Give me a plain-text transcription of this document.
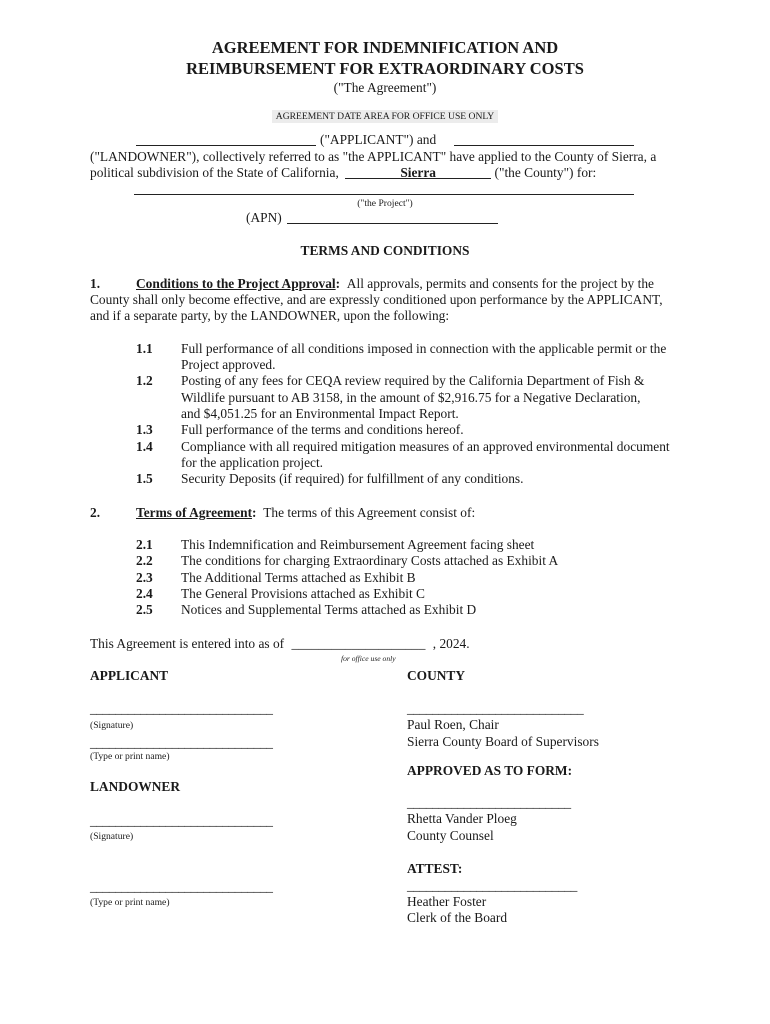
AGREEMENT FOR INDEMNIFICATION AND
REIMBURSEMENT FOR EXTRAORDINARY COSTS
("The Agreement")
AGREEMENT DATE AREA FOR OFFICE USE ONLY
("APPLICANT") and
("LANDOWNER"), collectively referred to as "the APPLICANT" have applied to the County of Sierra, a
political subdivision of the State of California,	Sierra	("the County") for:
("the Project")
(APN)
TERMS AND CONDITIONS
1.	Conditions to the Project Approval: All approvals, permits and consents for the project by the
County shall only become effective, and are expressly conditioned upon performance by the APPLICANT,
and if a separate party, by the LANDOWNER, upon the following:
1.1 Full performance of all conditions imposed in connection with the applicable permit or the
Project approved.
1.2 Posting of any fees for CEQA review required by the California Department of Fish &
Wildlife pursuant to AB 3158, in the amount of $2,916.75 for a Negative Declaration,
and $4,051.25 for an Environmental Impact Report.
1.3 Full performance of the terms and conditions hereof.
1.4 Compliance with all required mitigation measures of an approved environmental document
for the application project.
1.5 Security Deposits (if required) for fulfillment of any conditions.
2.	Terms of Agreement: The terms of this Agreement consist of:
2.1 This Indemnification and Reimbursement Agreement facing sheet
2.2 The conditions for charging Extraordinary Costs attached as Exhibit A
2.3 The Additional Terms attached as Exhibit B
2.4 The General Provisions attached as Exhibit C
2.5 Notices and Supplemental Terms attached as Exhibit D
This Agreement is entered into as of ____________________ , 2024.
for office use only
APPLICANT
_____________________________
(Signature)
_____________________________
(Type or print name)
LANDOWNER
_____________________________
(Signature)
_____________________________
(Type or print name)
COUNTY
____________________________
Paul Roen, Chair
Sierra County Board of Supervisors
APPROVED AS TO FORM:
__________________________
Rhetta Vander Ploeg
County Counsel
ATTEST:
___________________________
Heather Foster
Clerk of the Board
